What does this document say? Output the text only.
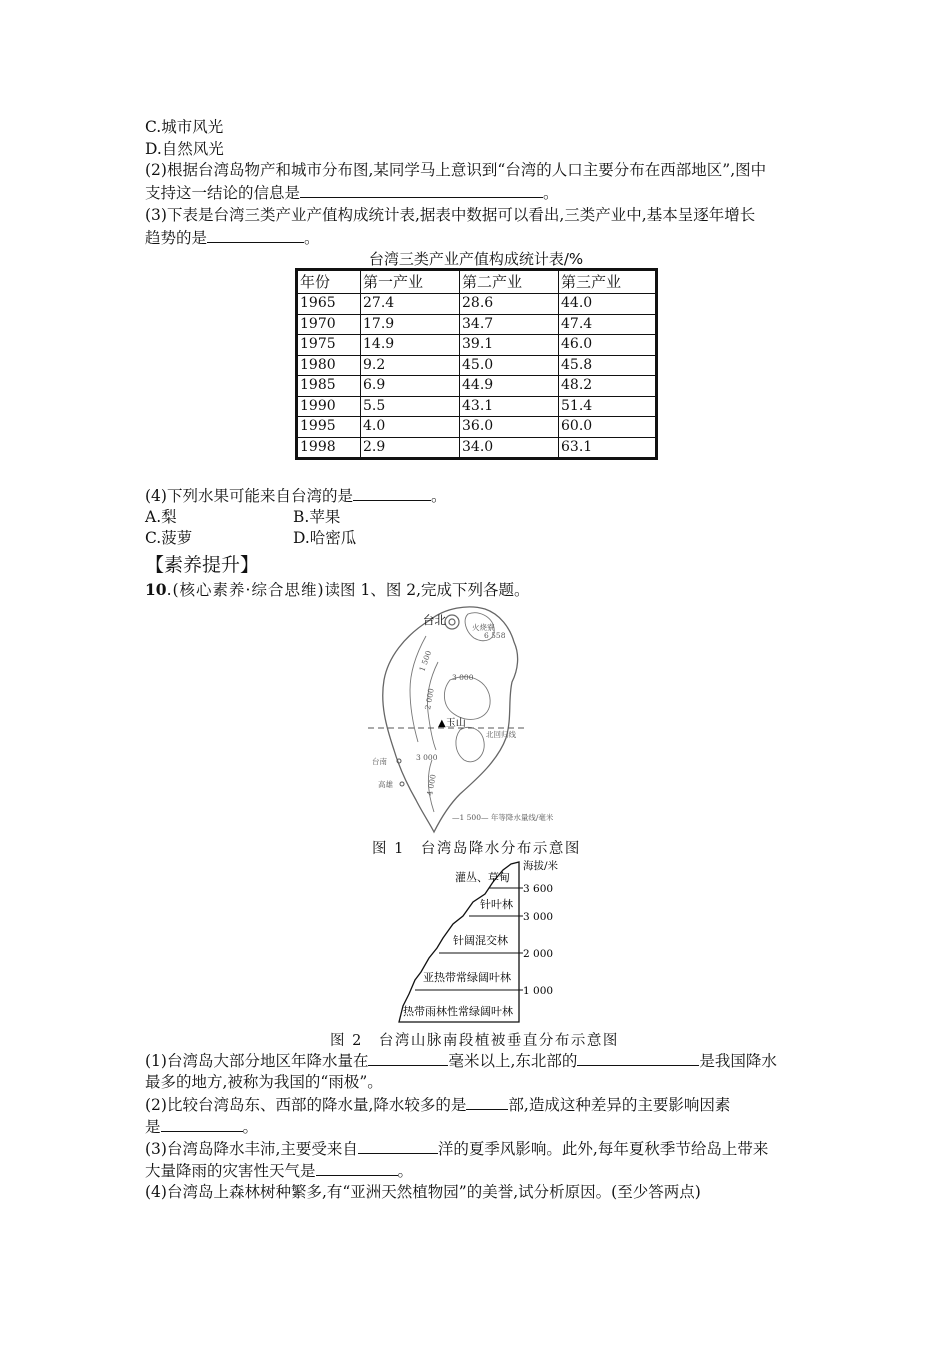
C.城市风光
D.自然风光
(2)根据台湾岛物产和城市分布图,某同学马上意识到“台湾的人口主要分布在西部地区”,图中
支持这一结论的信息是	。
(3)下表是台湾三类产业产值构成统计表,据表中数据可以看出,三类产业中,基本呈逐年增长
趋势的是	。
台湾三类产业产值构成统计表/%
年份	第一产业	第二产业	第三产业
1965	27.4	28.6	44.0
1970	17.9	34.7	47.4
1975	14.9	39.1	46.0
1980	9.2	45.0	45.8
1985	6.9	44.9	48.2
1990	5.5	43.1	51.4
1995	4.0	36.0	60.0
1998	2.9	34.0	63.1
(4)下列水果可能来自台湾的是	。
A.梨	B.苹果
C.菠萝	D.哈密瓜
【素养提升】
10.(核心素养·综合思维)读图 1、图 2,完成下列各题。
台北
火烧寮
6 558
1 500
3 000
2 000
▲玉山
北回归线
台南	3 000
高雄	4 000
—1 500— 年等降水量线/毫米
图 1　台湾岛降水分布示意图
海拔/米
3 600
3 000
2 000
1 000
灌丛、草甸
针叶林
针阔混交林
亚热带常绿阔叶林
热带雨林性常绿阔叶林
图 2　台湾山脉南段植被垂直分布示意图
(1)台湾岛大部分地区年降水量在	毫米以上,东北部的	是我国降水
最多的地方,被称为我国的“雨极”。
(2)比较台湾岛东、西部的降水量,降水较多的是	部,造成这种差异的主要影响因素
是	。
(3)台湾岛降水丰沛,主要受来自	洋的夏季风影响。此外,每年夏秋季节给岛上带来
大量降雨的灾害性天气是	。
(4)台湾岛上森林树种繁多,有“亚洲天然植物园”的美誉,试分析原因。(至少答两点)
